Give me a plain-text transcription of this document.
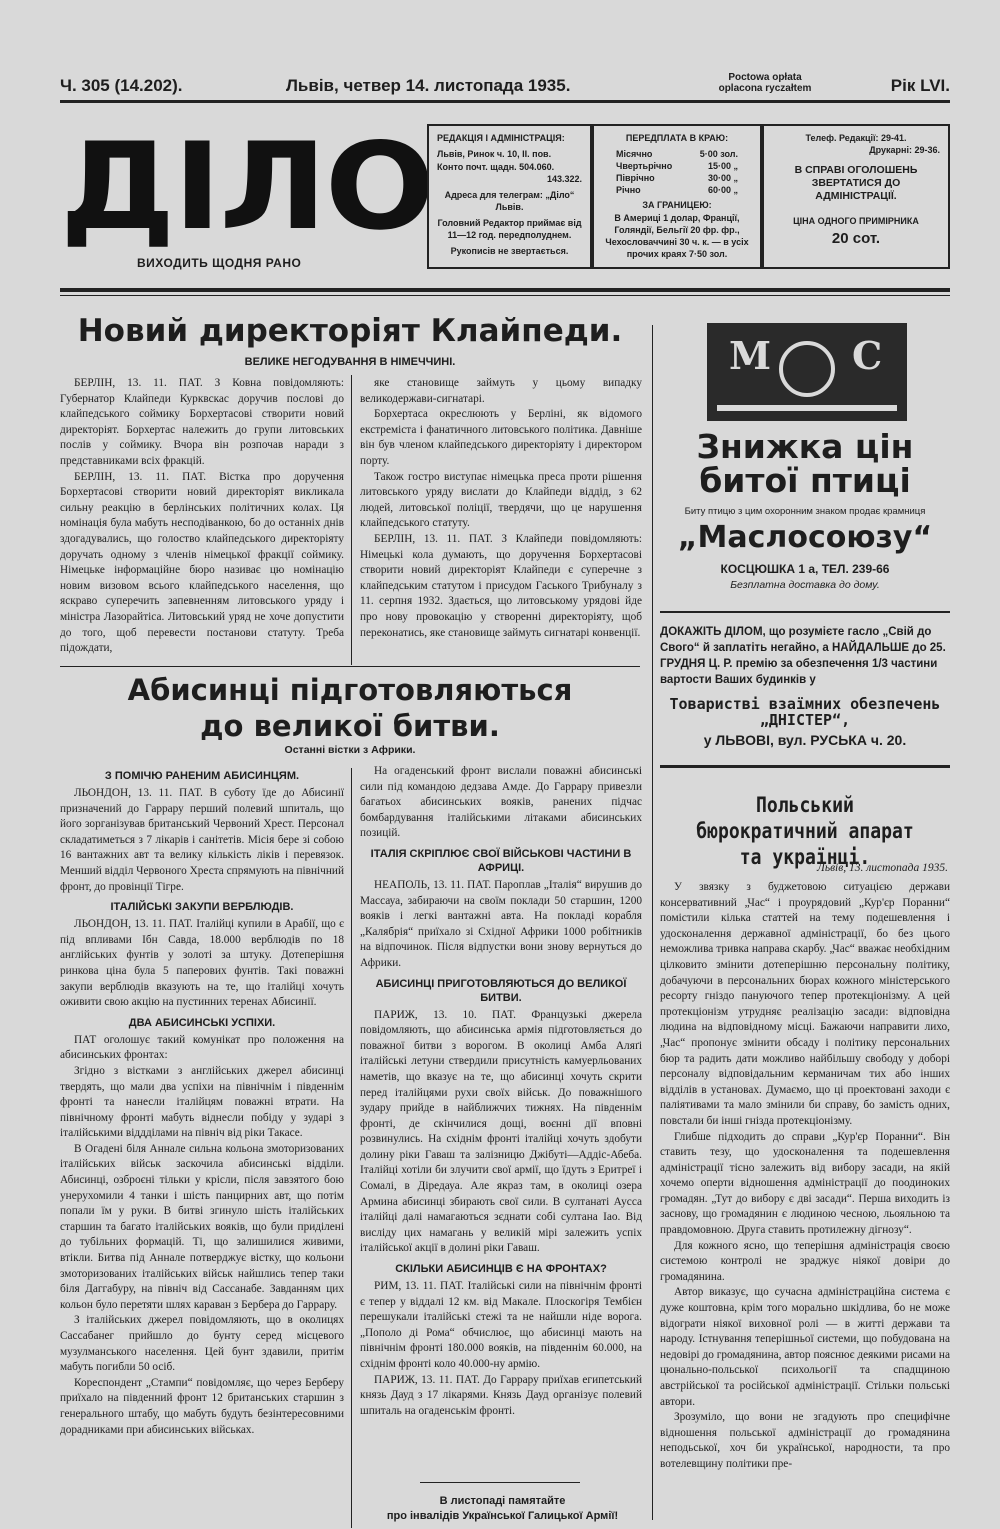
Ч. 305 (14.202).	Львів, четвер 14. листопада 1935.	Poctowa opłata
oplacona ryczałtem	Рік LVI.
ДІЛО
ВИХОДИТЬ ЩОДНЯ РАНО

РЕДАКЦІЯ І АДМІНІСТРАЦІЯ:

Львів, Ринок ч. 10, II. пов.

Конто почт. щадн. 504.060.

143.322.

Адреса для телеграм: „Діло“ Львів.

Головний Редактор приймає від 11—12 год. передполуднем.

Рукописів не звертається.

ПЕРЕДПЛАТА В КРАЮ:

Місячно	5·00 зол.
Чвертьрічно	15·00 „
Піврічно	30·00 „
Річно	60·00 „

ЗА ГРАНИЦЕЮ:

В Америці 1 долар, Франції, Голяндії, Бельгії 20 фр. фр., Чехословаччині 30 ч. к. — в усіх прочих краях 7·50 зол.

Телеф. Редакції: 29-41.

Друкарні: 29-36.

В СПРАВІ ОГОЛОШЕНЬ ЗВЕРТАТИСЯ ДО АДМІНІСТРАЦІЇ.

ЦІНА ОДНОГО ПРИМІРНИКА

20 сот.

Новий директоріят Клайпеди.
ВЕЛИКЕ НЕГОДУВАННЯ В НІМЕЧЧИНІ.

БЕРЛІН, 13. 11. ПАТ. З Ковна повідомляють: Губернатор Клайпеди Курквскас доручив послові до клайпедського соймику Борхертасові створити новий директоріят. Борхертас належить до групи литовських послів у соймику. Вчора він розпочав наради з представниками всіх фракцій.

БЕРЛІН, 13. 11. ПАТ. Вістка про доручення Борхертасові створити новий директоріят викликала сильну реакцію в берлінських політичних колах. Ця номінація була мабуть несподіванкою, бо до останніх днів здогадувались, що голоство клайпедського директоріяту доручать одному з членів німецької фракції соймику. Німецьке інформаційне бюро називає цю номінацію новим визовом всього клайпедського населення, що яскраво суперечить запевненням литовського уряду і міністра Лазорайтіса. Литовський уряд не хоче допустити до того, щоб перевести постанови статуту. Треба підождати,

яке становище займуть у цьому випадку великодержави-сигнатарі.

Борхертаса окреслюють у Берліні, як відомого екстреміста і фанатичного литовського політика. Давніше він був членом клайпедського директоріяту і директором порту.

Також гостро виступає німецька преса проти рішення литовського уряду вислати до Клайпеди віддід, з 62 людей, литовської поліції, твердячи, що це нарушення клайпедського статуту.

БЕРЛІН, 13. 11. ПАТ. З Клайпеди повідомляють: Німецькі кола думають, що доручення Борхертасові створити новий директоріят Клайпеди є суперечне з клайпедським статутом і присудом Гаського Трибуналу з 11. серпня 1932. Здається, що литовському урядові йде про нову провокацію у створенні директоріяту, щоб переконатись, яке становище займуть сигнатарі конвенції.

Абисинці підготовляються
до великої битви.
Останні вістки з Африки.

З ПОМІЧЮ РАНЕНИМ АБИСИНЦЯМ.

ЛЬОНДОН, 13. 11. ПАТ. В суботу їде до Абисинії призначений до Гаррару перший полевий шпиталь, що його зорганізував британський Червоний Хрест. Персонал складатиметься з 7 лікарів і санітетів. Місія бере зі собою 16 вантажних авт та велику кількість ліків і перевязок. Менший відділ Червоного Хреста спрямують на північний фронт, до провінції Тігре.

ІТАЛІЙСЬКІ ЗАКУПИ ВЕРБЛЮДІВ.

ЛЬОНДОН, 13. 11. ПАТ. Італійці купили в Арабії, що є під впливами Ібн Савда, 18.000 верблюдів по 18 англійських фунтів у золоті за штуку. Дотеперішня ринкова ціна була 5 паперових фунтів. Такі поважні закупи верблюдів вказують на те, що італійці хочуть оживити свою акцію на пустинних теренах Абисинії.

ДВА АБИСИНСЬКІ УСПІХИ.

ПАТ оголошує такий комунікат про положення на абисинських фронтах:

Згідно з вістками з англійських джерел абисинці твердять, що мали два успіхи на північнім і південнім фронті та нанесли італійцям поважні втрати. На північному фронті мабуть віднесли побіду у зударі з італійськими віддділами на північ від ріки Такасе.

В Огадені біля Аннале сильна кольона змоторизованих італійських військ заскочила абисинські відділи. Абисинці, озброєні тільки у крісли, після завзятого бою унерухомили 4 танки і шість панцирних авт, що потім попали їм у руки. В битві згинуло шість італійських старшин та багато італійських вояків, що були приділені до тубільних формацій. Ті, що залишилися живими, втікли. Битва під Аннале потверджує вістку, що кольони змоторизованих італійських військ найшлись тепер таки біля Даггабуру, на північ від Сассанабе. Завданням цих кольон було перетяти шлях караван з Бербера до Гаррару.

З італійських джерел повідомляють, що в околицях Сассабанег прийшло до бунту серед місцевого музулманського населення. Цей бунт здавили, притім мабуть погибли 50 осіб.

Кореспондент „Стампи“ повідомляє, що через Берберу приїхало на південний фронт 12 британських старшин з генерального штабу, що мабуть будуть безінтересовними дорадниками при абисинських військах.

На огаденський фронт вислали поважні абисинські сили під командою дедзава Амде. До Гаррару привезли багатьох абисинських вояків, ранених підчас бомбардування італійськими літаками абисинських позицій.

ІТАЛІЯ СКРІПЛЮЄ СВОЇ ВІЙСЬКОВІ ЧАСТИНИ В АФРИЦІ.

НЕАПОЛЬ, 13. 11. ПАТ. Пароплав „Італія“ вирушив до Массауа, забираючи на своїм поклади 50 старшин, 1200 вояків і легкі вантажні авта. На покладі корабля „Калябрія“ приїхало зі Східної Африки 1000 робітників на відпочинок. Після відпустки вони знову вернуться до Африки.

АБИСИНЦІ ПРИГОТОВЛЯЮТЬСЯ ДО ВЕЛИКОЇ БИТВИ.

ПАРИЖ, 13. 10. ПАТ. Французькі джерела повідомляють, що абисинська армія підготовляється до поважної битви з ворогом. В околиці Амба Аляґі італійські летуни ствердили присутність камуерльованих наметів, що вказує на те, що абисинці хочуть скрити перед італійцями рухи своїх військ. До поважнішого зудару прийде в найближчих тижнях. На південнім фронті, де скінчилися дощі, воєнні дії вповні розвинулись. На східнім фронті італійці хочуть здобути долину ріки Гаваш та залізницю Джібуті—Аддіс-Абеба. Італійці хотіли би злучити свої армії, що їдуть з Еритреї і Сомалі, в Діредауа. Але якраз там, в околиці озера Армина абисинці збирають свої сили. В султанаті Аусса італійці далі намагаються зєднати собі султана Іао. Від висліду цих намагань у великій мірі залежить успіх італійської акції в долині ріки Гаваш.

СКІЛЬКИ АБИСИНЦІВ Є НА ФРОНТАХ?

РИМ, 13. 11. ПАТ. Італійські сили на північнім фронті є тепер у віддалі 12 км. від Макале. Плоскогіря Тембієн перешукали італійські стежі та не найшли ніде ворога. „Пополо ді Рома“ обчислює, що абисинці мають на північнім фронті 180.000 вояків, на південнім 60.000, на східнім фронті коло 40.000-ну армію.

ПАРИЖ, 13. 11. ПАТ. До Гаррару приїхав египетський князь Дауд з 17 лікарями. Князь Дауд організує полевий шпиталь на огаденськім фронті.

В листопаді памятайте
про інвалідів Української Галицької Армії!
М С
Знижка цін
битої птиці
Биту птицю з цим охоронним знаком продає крамниця
„Маслосоюзу“
КОСЦЮШКА 1 а, ТЕЛ. 239-66
Безплатна доставка до дому.
ДОКАЖІТЬ ДІЛОМ, що розумієте гасло „Свій до Свого“ й заплатіть негайно, а НАЙДАЛЬШЕ до 25. ГРУДНЯ Ц. Р. премію за обезпечення 1/3 частини вартости Ваших будинків у
Товаристві взаїмних обезпечень „ДНІСТЕР“,
у ЛЬВОВІ, вул. РУСЬКА ч. 20.
Польський бюрократичний апарат
та українці.
Львів, 13. листопада 1935.

У звязку з буджетовою ситуацією держави консервативний „Час“ і проурядовий „Кур'єр Поранни“ помістили кілька статтей на тему подешевлення і удосконалення державної адміністрації, бо без цього неможлива тривка направа скарбу. „Час“ вважає необхідним цілковито змінити дотеперішню персональну політику, добачуючи в персональних бюрах кожного міністерського ресорту гніздо пануючого тепер протекціонізму. А цей протекціонізм утрудняє реалізацію засади: відповідна людина на відповідному місці. Бажаючи направити лихо, „Час“ пропонує змінити обсаду і політику персональних бюр та радить дати можливо найбільшу свободу у доборі персоналу відповідальним керманичам тих або інших відділів в установах. Думаємо, що ці проектовані заходи є паліятивами та мало змінили би справу, бо замість одних, повстали би інші гнізда протекціонізму.

Глибше підходить до справи „Кур'єр Поранни“. Він ставить тезу, що удосконалення та подешевлення адміністрації тісно залежить від вибору засади, на якій хочемо оперти відношення адміністрації до поодиноких громадян. „Тут до вибору є дві засади“. Перша виходить із заснову, що громадянин є людиною чесною, льояльною та правдомовною. Друга ставить протилежну дігнозу“.

Для кожного ясно, що теперішня адміністрація своєю системою контролі не зраджує ніякої довіри до громадянина.

Автор виказує, що сучасна адміністраційна система є дуже коштовна, крім того морально шкідлива, бо не може відограти ніякої виховної ролі — в житті держави та народу. Істнування теперішньої системи, що побудована на недовірі до громадянина, автор пояснює деякими рисами на цюнально-польської психольогії та спадщиною австрійської та російської адміністрації. Стільки польські автори.

Зрозуміло, що вони не згадують про специфічне відношення польської адміністрації до громадянина неподьської, хоч би української, народности, та про вотелевщину політики пре-
